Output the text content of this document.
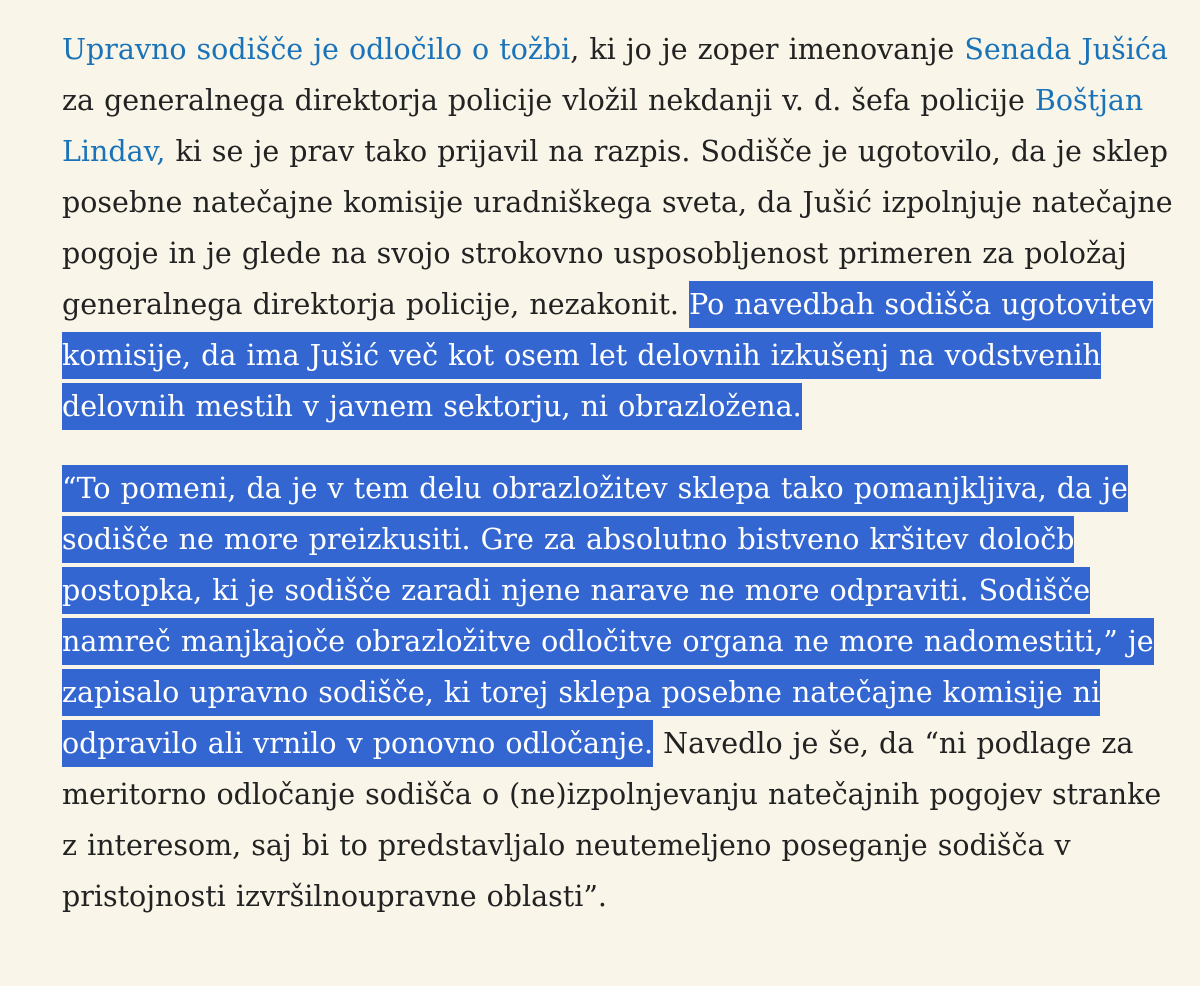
Upravno sodišče je odločilo o tožbi, ki jo je zoper imenovanje Senada Jušića za generalnega direktorja policije vložil nekdanji v. d. šefa policije Boštjan Lindav, ki se je prav tako prijavil na razpis. Sodišče je ugotovilo, da je sklep posebne natečajne komisije uradniškega sveta, da Jušić izpolnjuje natečajne pogoje in je glede na svojo strokovno usposobljenost primeren za položaj generalnega direktorja policije, nezakonit. Po navedbah sodišča ugotovitev komisije, da ima Jušić več kot osem let delovnih izkušenj na vodstvenih delovnih mestih v javnem sektorju, ni obrazložena.

“To pomeni, da je v tem delu obrazložitev sklepa tako pomanjkljiva, da je sodišče ne more preizkusiti. Gre za absolutno bistveno kršitev določb postopka, ki je sodišče zaradi njene narave ne more odpraviti. Sodišče namreč manjkajoče obrazložitve odločitve organa ne more nadomestiti,” je zapisalo upravno sodišče, ki torej sklepa posebne natečajne komisije ni odpravilo ali vrnilo v ponovno odločanje. Navedlo je še, da “ni podlage za meritorno odločanje sodišča o (ne)izpolnjevanju natečajnih pogojev stranke z interesom, saj bi to predstavljalo neutemeljeno poseganje sodišča v pristojnosti izvršilnoupravne oblasti”.
